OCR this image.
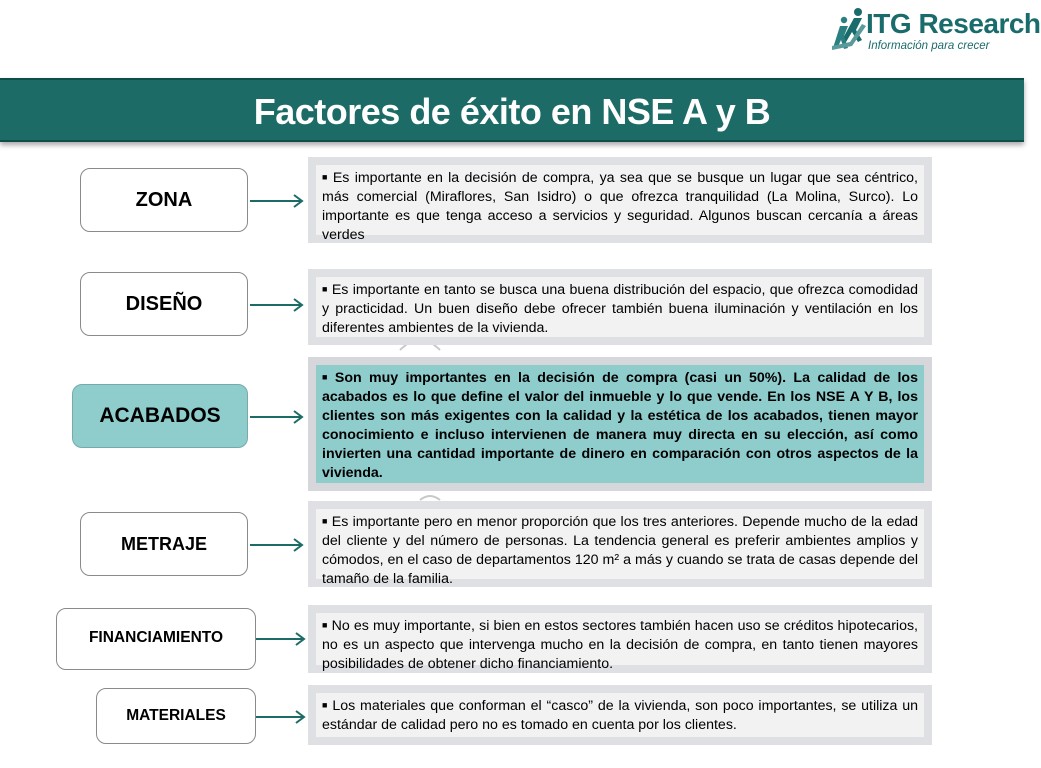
ITG Research
Información para crecer
Factores de éxito en NSE A y B
ZONA
■ Es importante en la decisión de compra, ya sea que se busque un lugar que sea céntrico, más comercial (Miraflores, San Isidro) o que ofrezca tranquilidad (La Molina, Surco). Lo importante es que tenga acceso a servicios y seguridad. Algunos buscan cercanía a áreas verdes
DISEÑO
■ Es importante en tanto se busca una buena distribución del espacio, que ofrezca comodidad y practicidad. Un buen diseño debe ofrecer también buena iluminación y ventilación en los diferentes ambientes de la vivienda.
ACABADOS
■ Son muy importantes en la decisión de compra (casi un 50%). La calidad de los acabados es lo que define el valor del inmueble y lo que vende. En los NSE A Y B, los clientes son más exigentes con la calidad y la estética de los acabados, tienen mayor conocimiento e incluso intervienen de manera muy directa en su elección, así como invierten una cantidad importante de dinero en comparación con otros aspectos de la vivienda.
METRAJE
■ Es importante pero en menor proporción que los tres anteriores. Depende mucho de la edad del cliente y del número de personas. La tendencia general es preferir ambientes amplios y cómodos, en el caso de departamentos 120 m² a más y cuando se trata de casas depende del tamaño de la familia.
FINANCIAMIENTO
■ No es muy importante, si bien en estos sectores también hacen uso se créditos hipotecarios, no es un aspecto que intervenga mucho en la decisión de compra, en tanto tienen mayores posibilidades de obtener dicho financiamiento.
MATERIALES
■ Los materiales que conforman el “casco” de la vivienda, son poco importantes, se utiliza un estándar de calidad pero no es tomado en cuenta por los clientes.
